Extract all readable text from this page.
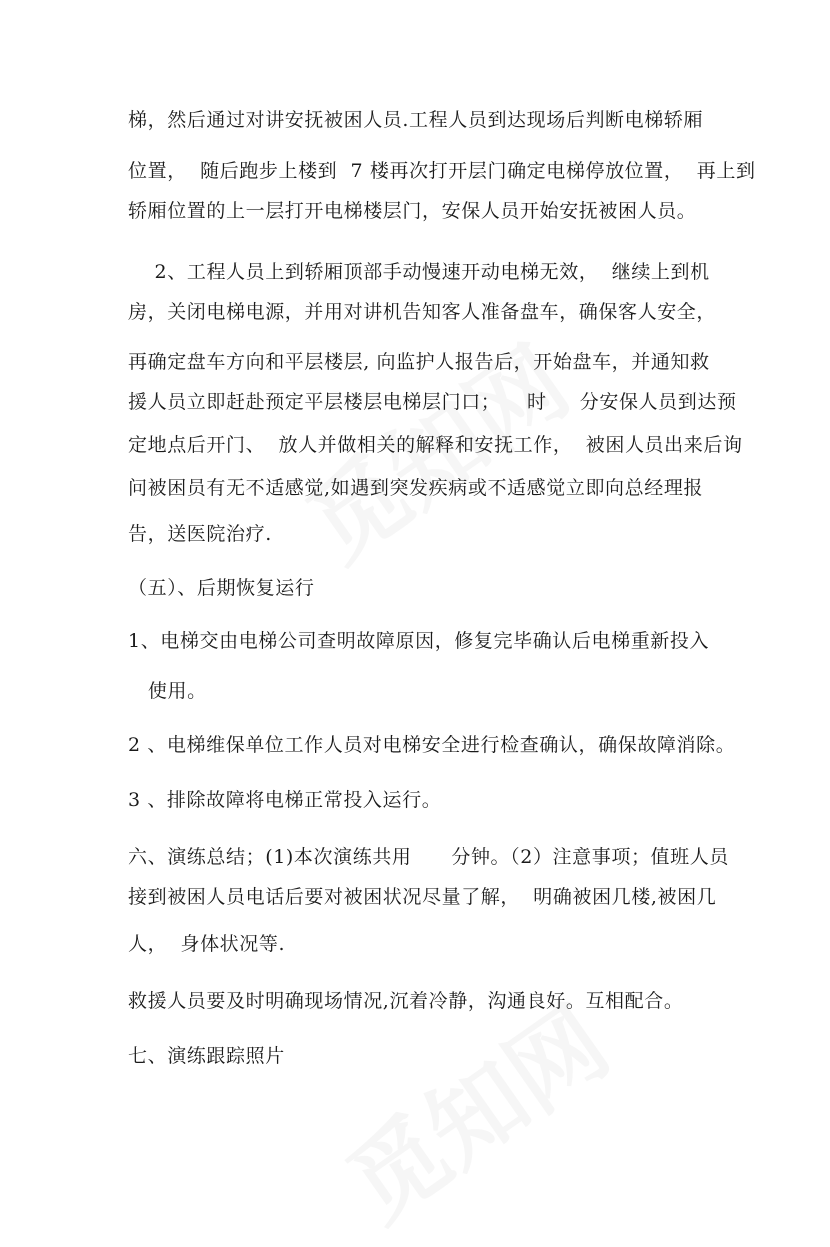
梯，然后通过对讲安抚被困人员.工程人员到达现场后判断电梯轿厢
位置，  随后跑步上楼到  7 楼再次打开层门确定电梯停放位置，  再上到
轿厢位置的上一层打开电梯楼层门，安保人员开始安抚被困人员。
2、工程人员上到轿厢顶部手动慢速开动电梯无效，  继续上到机
房，关闭电梯电源，并用对讲机告知客人准备盘车，确保客人安全，
再确定盘车方向和平层楼层, 向监护人报告后，开始盘车，并通知救
援人员立即赶赴预定平层楼层电梯层门口；    时     分安保人员到达预
定地点后开门、  放人并做相关的解释和安抚工作，  被困人员出来后询
问被困员有无不适感觉,如遇到突发疾病或不适感觉立即向总经理报
告，送医院治疗.
（五）、后期恢复运行
1、电梯交由电梯公司查明故障原因，修复完毕确认后电梯重新投入
使用。
2 、电梯维保单位工作人员对电梯安全进行检查确认，确保故障消除。
3 、排除故障将电梯正常投入运行。
六、演练总结；(1)本次演练共用      分钟。（2）注意事项；值班人员
接到被困人员电话后要对被困状况尽量了解，  明确被困几楼,被困几
人，  身体状况等.
救援人员要及时明确现场情况,沉着冷静，沟通良好。互相配合。
七、演练跟踪照片
